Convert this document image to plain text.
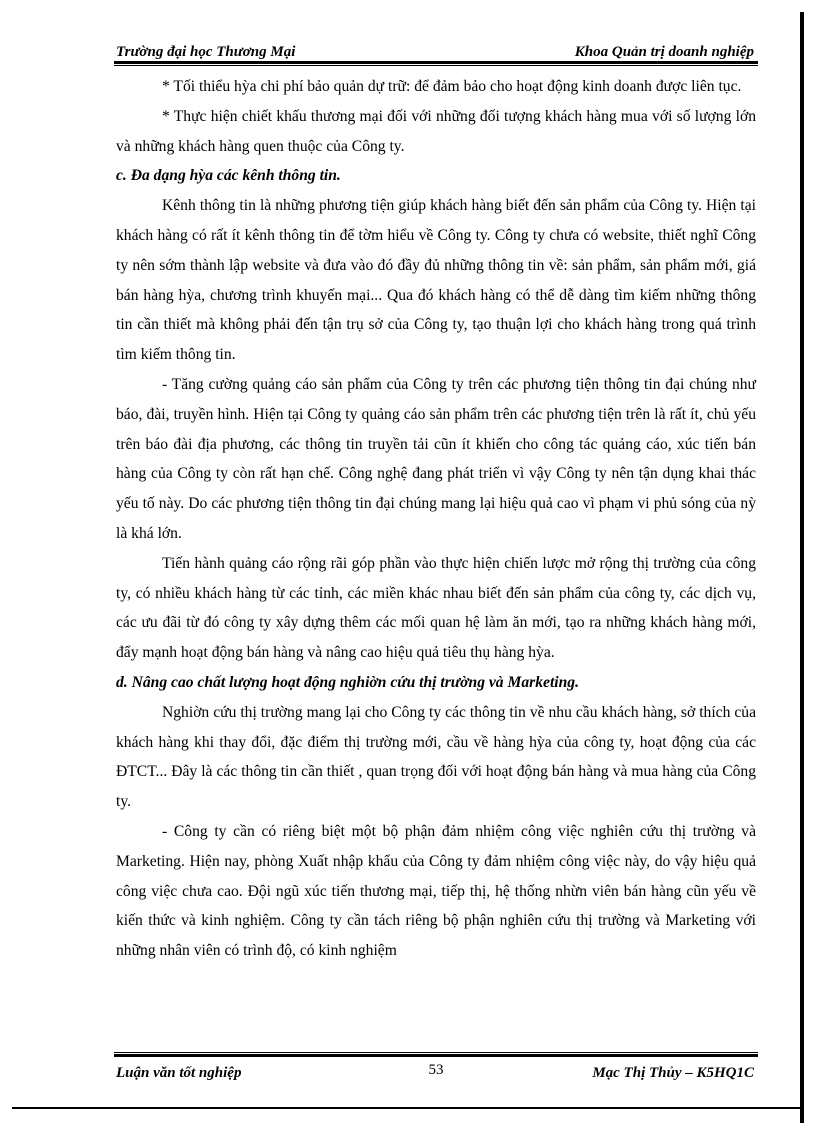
Trường đại học Thương Mại	Khoa Quản trị doanh nghiệp

* Tối thiểu hỳa chi phí bảo quản dự trữ: để đảm bảo cho hoạt động kinh doanh được liên tục.

* Thực hiện chiết khấu thương mại đối với những đối tượng khách hàng mua với số lượng lớn và những khách hàng quen thuộc của Công ty.

c. Đa dạng hỳa các kênh thông tin.

Kênh thông tin là những phương tiện giúp khách hàng biết đến sản phẩm của Công ty. Hiện tại khách hàng có rất ít kênh thông tin để tờm hiểu về Công ty. Công ty chưa có website, thiết nghĩ Công ty nên sớm thành lập website và đưa vào đó đầy đủ những thông tin về: sản phẩm, sản phẩm mới, giá bán hàng hỳa, chương trình khuyến mại... Qua đó khách hàng có thể dễ dàng tìm kiếm những thông tin cần thiết mà không phải đến tận trụ sở của Công ty, tạo thuận lợi cho khách hàng trong quá trình tìm kiếm thông tin.

- Tăng cường quảng cáo sản phẩm của Công ty trên các phương tiện thông tin đại chúng như báo, đài, truyền hình. Hiện tại Công ty quảng cáo sản phẩm trên các phương tiện trên là rất ít, chủ yếu trên báo đài địa phương, các thông tin truyền tải cũn ít khiến cho công tác quảng cáo, xúc tiến bán hàng của Công ty còn rất hạn chế. Công nghệ đang phát triển vì vậy Công ty nên tận dụng khai thác yếu tố này. Do các phương tiện thông tin đại chúng mang lại hiệu quả cao vì phạm vi phủ sóng của nỳ là khá lớn.

Tiến hành quảng cáo rộng rãi góp phần vào thực hiện chiến lược mở rộng thị trường của công ty, có nhiều khách hàng từ các tỉnh, các miền khác nhau biết đến sản phẩm của công ty, các dịch vụ, các ưu đãi từ đó công ty xây dựng thêm các mối quan hệ làm ăn mới, tạo ra những khách hàng mới, đẩy mạnh hoạt động bán hàng và nâng cao hiệu quả tiêu thụ hàng hỳa.

d. Nâng cao chất lượng hoạt động nghiờn cứu thị trường và Marketing.

Nghiờn cứu thị trường mang lại cho Công ty các thông tin về nhu cầu khách hàng, sở thích của khách hàng khi thay đổi, đặc điểm thị trường mới, cầu về hàng hỳa của công ty, hoạt động của các ĐTCT... Đây là các thông tin cần thiết , quan trọng đối với hoạt động bán hàng và mua hàng của Công ty.

- Công ty cần có riêng biệt một bộ phận đảm nhiệm công việc nghiên cứu thị trường và Marketing. Hiện nay, phòng Xuất nhập khẩu của Công ty đảm nhiệm công việc này, do vậy hiệu quả công việc chưa cao. Đội ngũ xúc tiến thương mại, tiếp thị, hệ thống nhừn viên bán hàng cũn yếu về kiến thức và kinh nghiệm. Công ty cần tách riêng bộ phận nghiên cứu thị trường và Marketing với những nhân viên có trình độ, có kinh nghiệm

Luận văn tốt nghiệp	53	Mạc Thị Thủy – K5HQ1C
